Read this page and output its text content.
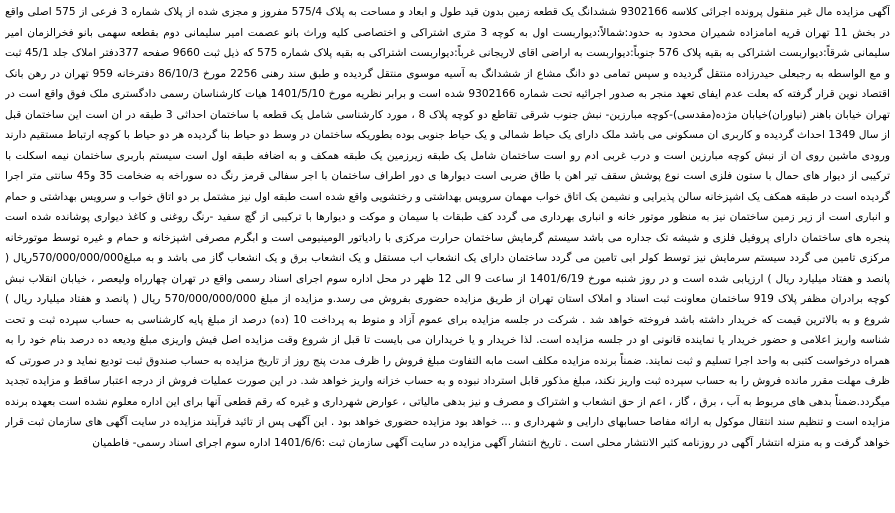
آگهی مزایده مال غیر منقول پرونده اجرائی کلاسه 9302166 ششدانگ یک قطعه زمین بدون قید طول و ابعاد و مساحت به پلاک 575/4 مفروز و مجزی شده از پلاک شماره 3 فرعی از 575 اصلی واقع در بخش 11 تهران قریه امامزاده شمیران محدود به حدود:شمالاً:دیواربست اول به کوچه 3 متری اشتراکی و اختصاصی کلیه وراث بانو عصمت امیر سلیمانی دوم بقطعه سهمی بانو فخرالزمان امیر سلیمانی شرقاً:دیواربست اشتراکی به بقیه پلاک 576 جنوباً:دیواربست به اراضی اقای لاریجانی غرباً:دیواربست اشتراکی به بقیه پلاک شماره 575 که ذیل ثبت 9660 صفحه 377دفتر املاک جلد 45/1 ثبت و مع الواسطه به رجبعلی حیدرزاده منتقل گردیده و سپس تمامی دو دانگ مشاع از ششدانگ به آسیه موسوی منتقل گردیده و طبق سند رهنی 2256 مورخ 86/10/3 دفترخانه 959 تهران در رهن بانک اقتصاد نوین قرار گرفته که بعلت عدم ایفای تعهد منجر به صدور اجرائیه تحت شماره 9302166 شده است و برابر نظریه مورخ 1401/5/10 هیات کارشناسان رسمی دادگستری ملک فوق واقع است در تهران خیابان باهنر (نیاوران)خیابان مژده(مقدسی)-کوچه مبارزین- نبش جنوب شرقی تقاطع دو کوچه پلاک 8 ، مورد کارشناسی شامل یک قطعه با ساختمان احداثی 3 طبقه در ان است این ساختمان قبل از سال 1349 احداث گردیده و کاربری ان مسکونی می باشد ملک دارای یک حیاط شمالی و یک حیاط جنوبی بوده بطوریکه ساختمان در وسط دو حیاط بنا گردیده هر دو حیاط با کوچه ارتباط مستقیم دارند ورودی ماشین روی ان از نبش کوچه مبارزین است و درب غربی ادم رو است ساختمان شامل یک طبقه زیرزمین یک طبقه همکف و به اضافه طبقه اول است سیستم باربری ساختمان نیمه اسکلت با ترکیبی از دیوار های حمال با ستون فلزی است نوع پوشش سقف تیر اهن با طاق ضربی است دیوارها ی دور اطراف ساختمان با اجر سفالی قرمز رنگ ده سوراخه به ضخامت 35 و45 سانتی متر اجرا گردیده است در طبقه همکف یک اشپزخانه سالن پذیرایی و نشیمن یک اتاق خواب مهمان سرویس بهداشتی و رختشویی واقع شده است طبقه اول نیز مشتمل بر دو اتاق خواب و سرویس بهداشتی و حمام و انباری است از زیر زمین ساختمان نیز به منظور موتور خانه و انباری بهرداری می گردد کف طبقات با سیمان و موکت و دیوارها با ترکیبی از گچ سفید -رنگ روغنی و کاغذ دیواری پوشانده شده است پنجره های ساختمان دارای پروفیل فلزی و شیشه تک جداره می باشد سیستم گرمایش ساختمان حرارت مرکزی با رادیاتور الومینیومی است و ابگرم مصرفی اشپزخانه و حمام و غیره توسط موتورخانه مرکزی تامین می گردد سیستم سرمایش نیز توسط کولر ابی تامین می گردد ساختمان دارای یک انشعاب اب مستقل و یک انشعاب برق و یک انشعاب گاز می باشد و به مبلغ570/000/000/000ریال ( پانصد و هفتاد میلیارد ریال ) ارزیابی شده است و در روز شنبه مورخ 1401/6/19 از ساعت 9 الی 12 ظهر در محل اداره سوم اجرای اسناد رسمی واقع در تهران چهارراه ولیعصر ، خیابان انقلاب نبش کوچه برادران مظفر پلاک 919 ساختمان معاونت ثبت اسناد و املاک استان تهران از طریق مزایده حضوری بفروش می رسد.و مزایده از مبلغ 570/000/000/000 ریال ( پانصد و هفتاد میلیارد ریال ) شروع و به بالاترین قیمت که خریدار داشته باشد فروخته خواهد شد . شرکت در جلسه مزایده برای عموم آزاد و منوط به پرداخت 10 (ده) درصد از مبلغ پایه کارشناسی به حساب سپرده ثبت و تحت شناسه واریز اعلامی و حضور خریدار یا نماینده قانونی او در جلسه مزایده است. لذا خریدار و یا خریداران می بایست تا قبل از شروع وقت مزایده اصل فیش واریزی مبلغ ودیعه ده درصد بنام خود را به همراه درخواست کتبی به واحد اجرا تسلیم و ثبت نمایند. ضمناً برنده مزایده مکلف است مابه التفاوت مبلغ فروش را ظرف مدت پنج روز از تاریخ مزایده به حساب صندوق ثبت تودیع نماید و در صورتی که ظرف مهلت مقرر مانده فروش را به حساب سپرده ثبت واریز نکند، مبلغ مذکور قابل استرداد نبوده و به حساب خزانه واریز خواهد شد. در این صورت عملیات فروش از درجه اعتبار ساقط و مزایده تجدید میگردد.ضمناً بدهی های مربوط به آب ، برق ، گاز ، اعم از حق انشعاب و اشتراک و مصرف و نیز بدهی مالیاتی ، عوارض شهرداری و غیره که رقم قطعی آنها برای این اداره معلوم نشده است بعهده برنده مزایده است و تنظیم سند انتقال موکول به ارائه مفاصا حسابهای دارایی و شهرداری و ... خواهد بود مزایده حضوری خواهد بود . این آگهی پس از تائید فرآیند مزایده در سایت آگهی های سازمان ثبت قرار خواهد گرفت و به منزله انتشار آگهی در روزنامه کثیر الانتشار محلی است . تاریخ انتشار آگهی مزایده در سایت آگهی سازمان ثبت :1401/6/6 اداره سوم اجرای اسناد رسمی- فاطمیان
